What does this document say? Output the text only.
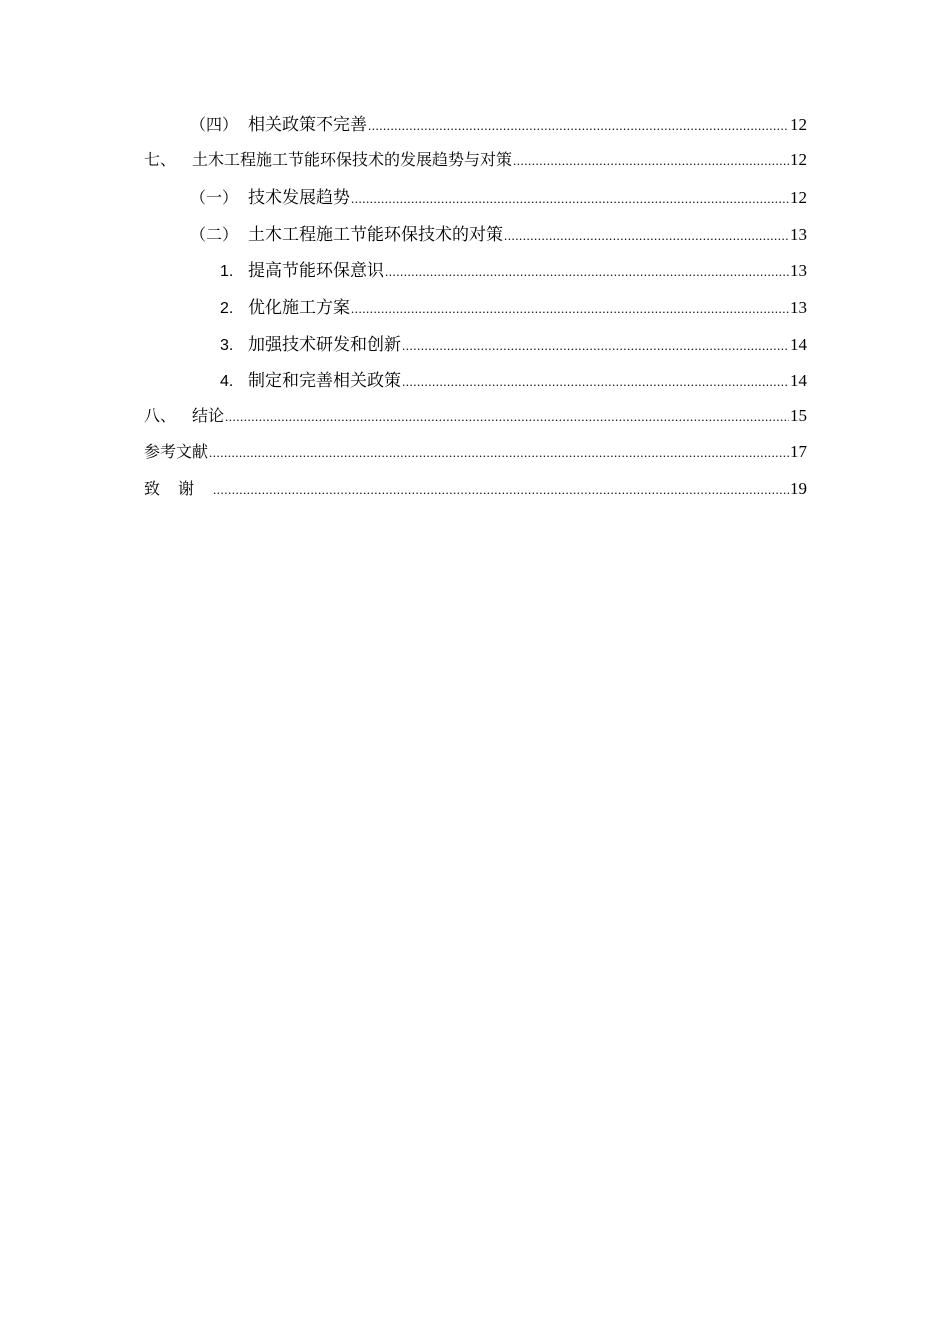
（四） 相关政策不完善 .....	12
七、 土木工程施工节能环保技术的发展趋势与对策 .....	12
（一） 技术发展趋势 .....	12
（二） 土木工程施工节能环保技术的对策 .....	13
1. 提高节能环保意识 .....	13
2. 优化施工方案 .....	13
3. 加强技术研发和创新 .....	14
4. 制定和完善相关政策 .....	14
八、 结论 .....	15
参考文献 .....	17
致谢 .....	19
